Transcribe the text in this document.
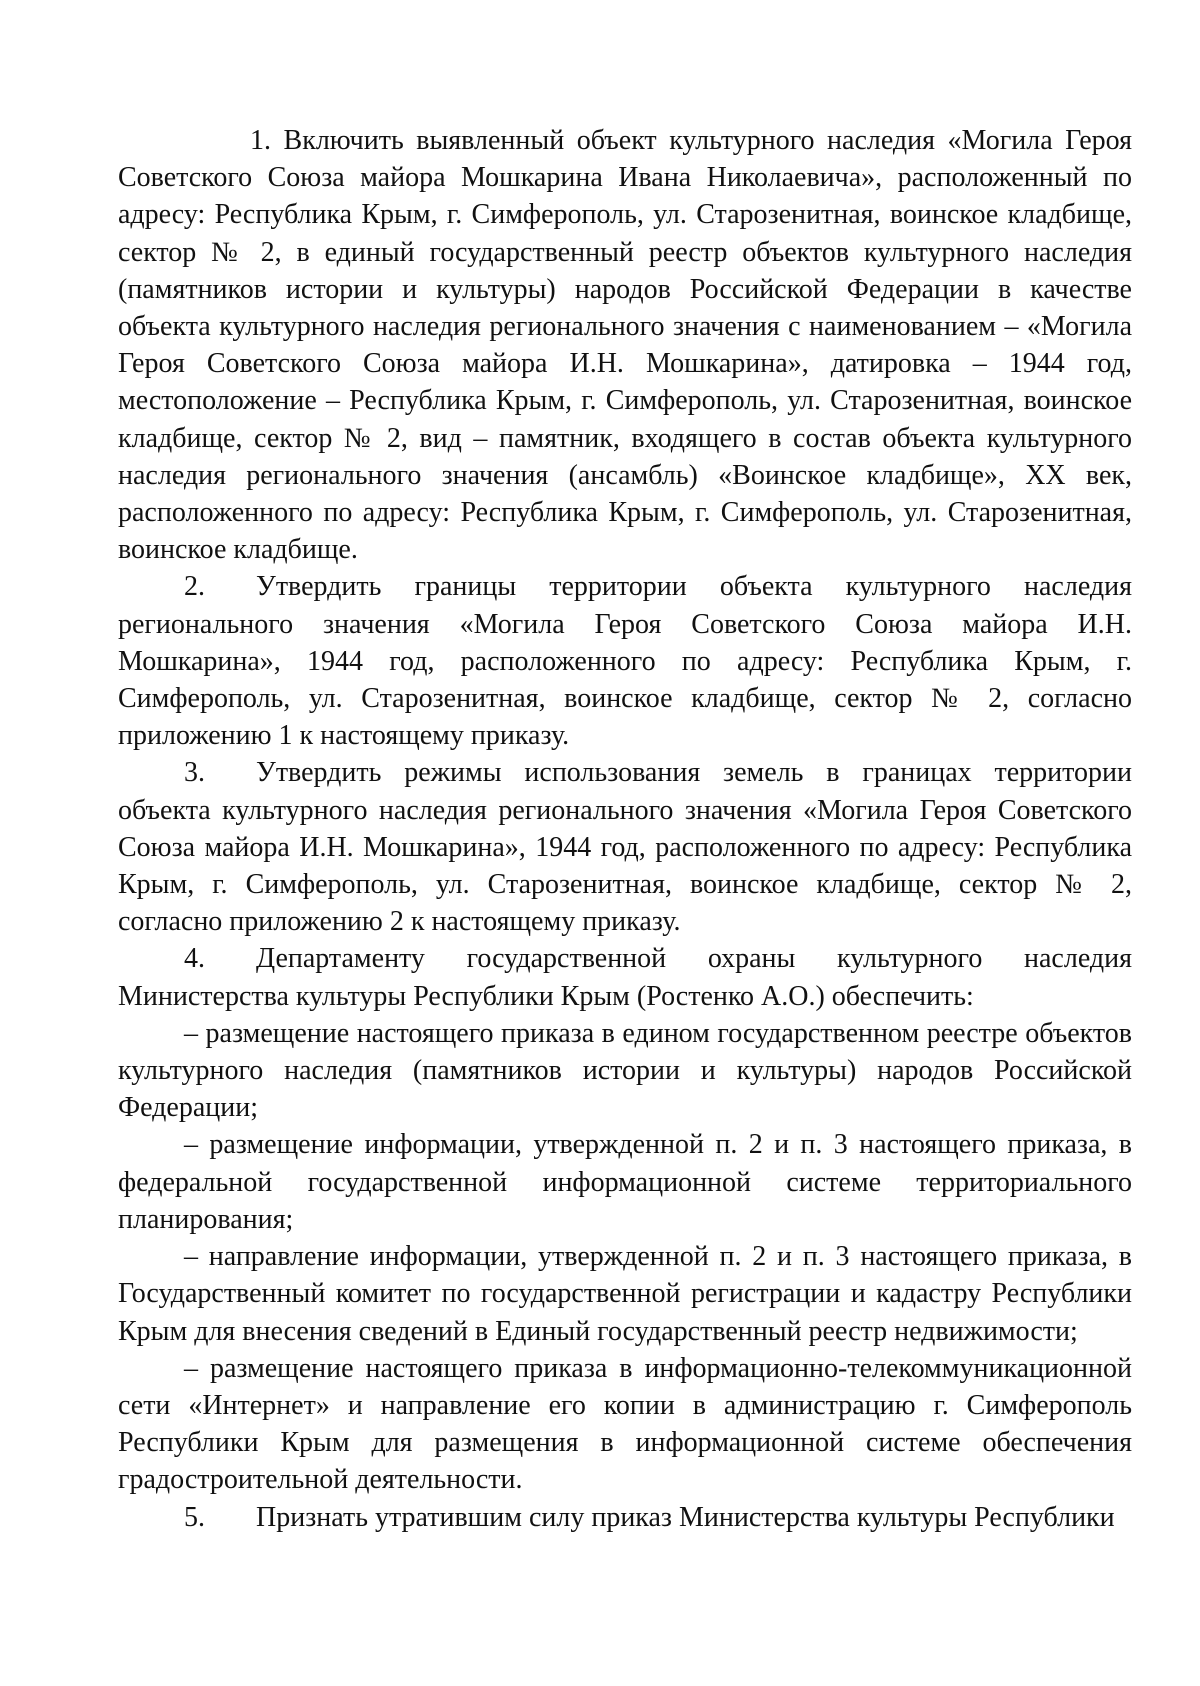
1. Включить выявленный объект культурного наследия «Могила Героя Советского Союза майора Мошкарина Ивана Николаевича», расположенный по адресу: Республика Крым, г. Симферополь, ул. Старозенитная, воинское кладбище, сектор № 2, в единый государственный реестр объектов культурного наследия (памятников истории и культуры) народов Российской Федерации в качестве объекта культурного наследия регионального значения с наименованием – «Могила Героя Советского Союза майора И.Н. Мошкарина», датировка – 1944 год, местоположение – Республика Крым, г. Симферополь, ул. Старозенитная, воинское кладбище, сектор № 2, вид – памятник, входящего в состав объекта культурного наследия регионального значения (ансамбль) «Воинское кладбище», XX век, расположенного по адресу: Республика Крым, г. Симферополь, ул. Старозенитная, воинское кладбище.

2. Утвердить границы территории объекта культурного наследия регионального значения «Могила Героя Советского Союза майора И.Н. Мошкарина», 1944 год, расположенного по адресу: Республика Крым, г. Симферополь, ул. Старозенитная, воинское кладбище, сектор № 2, согласно приложению 1 к настоящему приказу.

3. Утвердить режимы использования земель в границах территории объекта культурного наследия регионального значения «Могила Героя Советского Союза майора И.Н. Мошкарина», 1944 год, расположенного по адресу: Республика Крым, г. Симферополь, ул. Старозенитная, воинское кладбище, сектор № 2, согласно приложению 2 к настоящему приказу.

4. Департаменту государственной охраны культурного наследия Министерства культуры Республики Крым (Ростенко А.О.) обеспечить:

– размещение настоящего приказа в едином государственном реестре объектов культурного наследия (памятников истории и культуры) народов Российской Федерации;

– размещение информации, утвержденной п. 2 и п. 3 настоящего приказа, в федеральной государственной информационной системе территориального планирования;

– направление информации, утвержденной п. 2 и п. 3 настоящего приказа, в Государственный комитет по государственной регистрации и кадастру Республики Крым для внесения сведений в Единый государственный реестр недвижимости;

– размещение настоящего приказа в информационно-телекоммуникационной сети «Интернет» и направление его копии в администрацию г. Симферополь Республики Крым для размещения в информационной системе обеспечения градостроительной деятельности.

5. Признать утратившим силу приказ Министерства культуры Республики
